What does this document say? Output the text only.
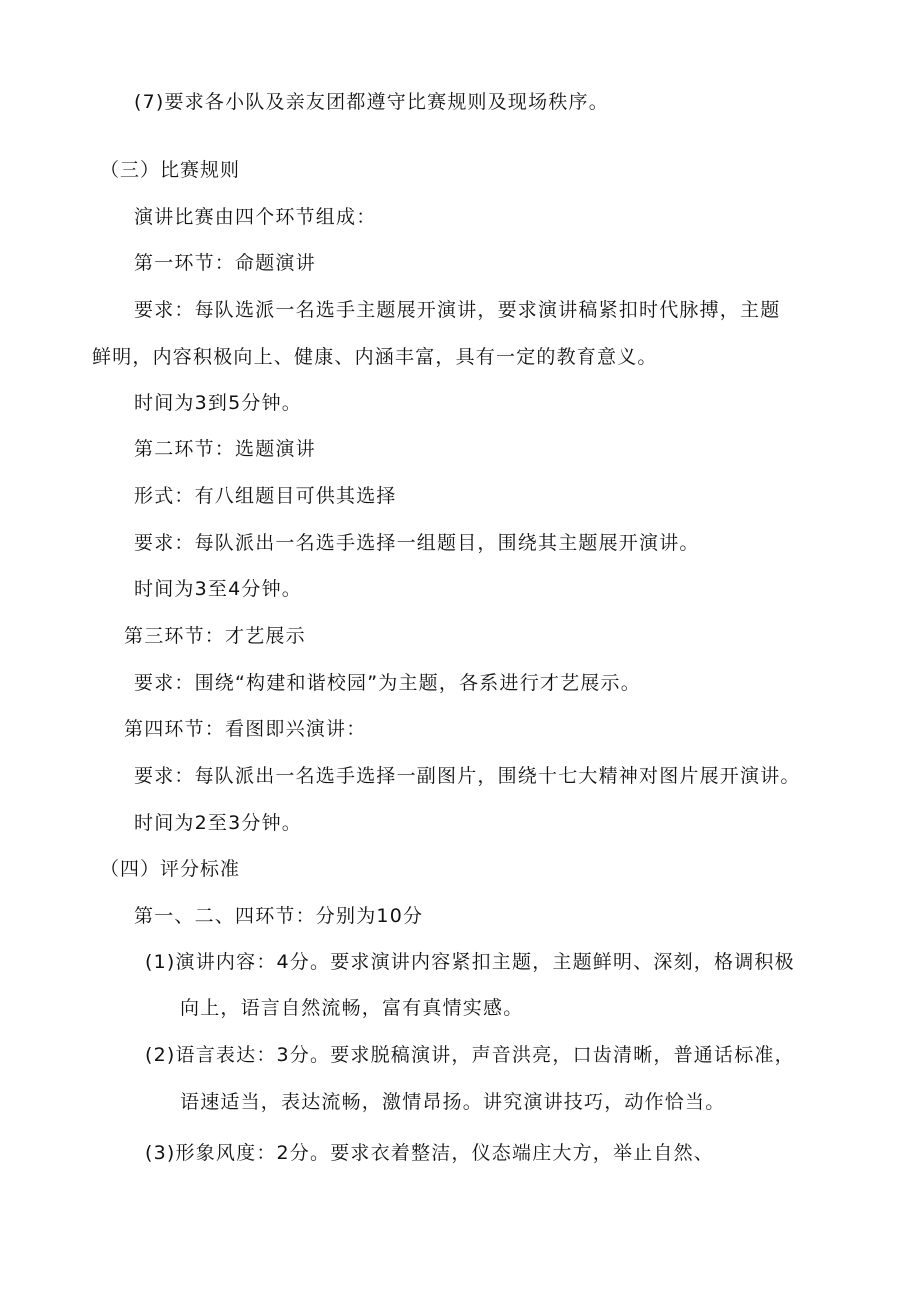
(7)要求各小队及亲友团都遵守比赛规则及现场秩序。
（三）比赛规则
演讲比赛由四个环节组成：
第一环节：命题演讲
要求：每队选派一名选手主题展开演讲，要求演讲稿紧扣时代脉搏，主题
鲜明，内容积极向上、健康、内涵丰富，具有一定的教育意义。
时间为3到5分钟。
第二环节：选题演讲
形式：有八组题目可供其选择
要求：每队派出一名选手选择一组题目，围绕其主题展开演讲。
时间为3至4分钟。
第三环节：才艺展示
要求：围绕“构建和谐校园”为主题，各系进行才艺展示。
第四环节：看图即兴演讲：
要求：每队派出一名选手选择一副图片，围绕十七大精神对图片展开演讲。
时间为2至3分钟。
（四）评分标准
第一、二、四环节：分别为10分
(1)演讲内容：4分。要求演讲内容紧扣主题，主题鲜明、深刻，格调积极
向上，语言自然流畅，富有真情实感。
(2)语言表达：3分。要求脱稿演讲，声音洪亮，口齿清晰，普通话标准，
语速适当，表达流畅，激情昂扬。讲究演讲技巧，动作恰当。
(3)形象风度：2分。要求衣着整洁，仪态端庄大方，举止自然、
